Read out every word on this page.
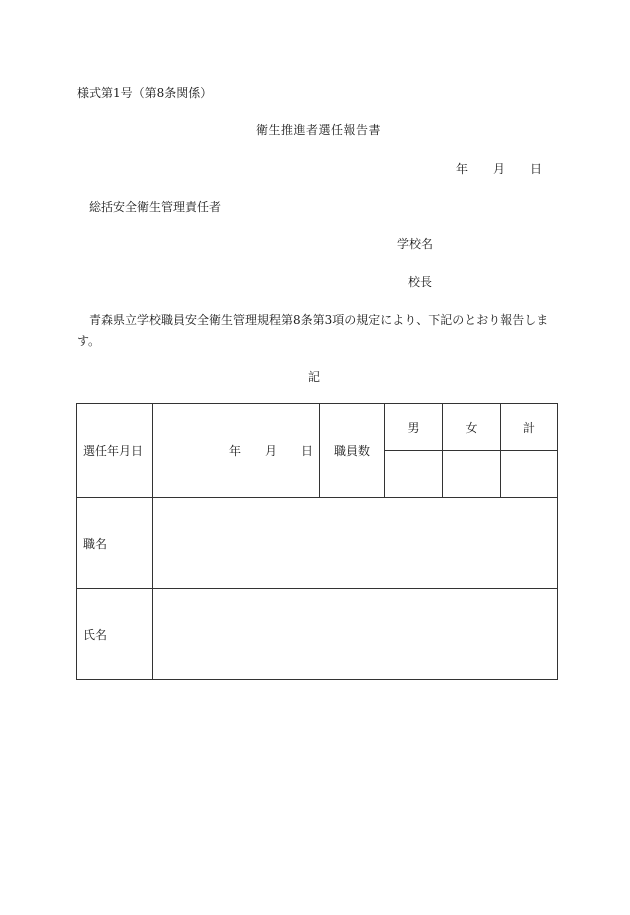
様式第1号（第8条関係）
衛生推進者選任報告書
年 月 日
総括安全衛生管理責任者
学校名
校長
青森県立学校職員安全衛生管理規程第8条第3項の規定により、下記のとおり報告します。
記
選任年月日	年 月 日	職員数	男	女	計

職名					
氏名					
